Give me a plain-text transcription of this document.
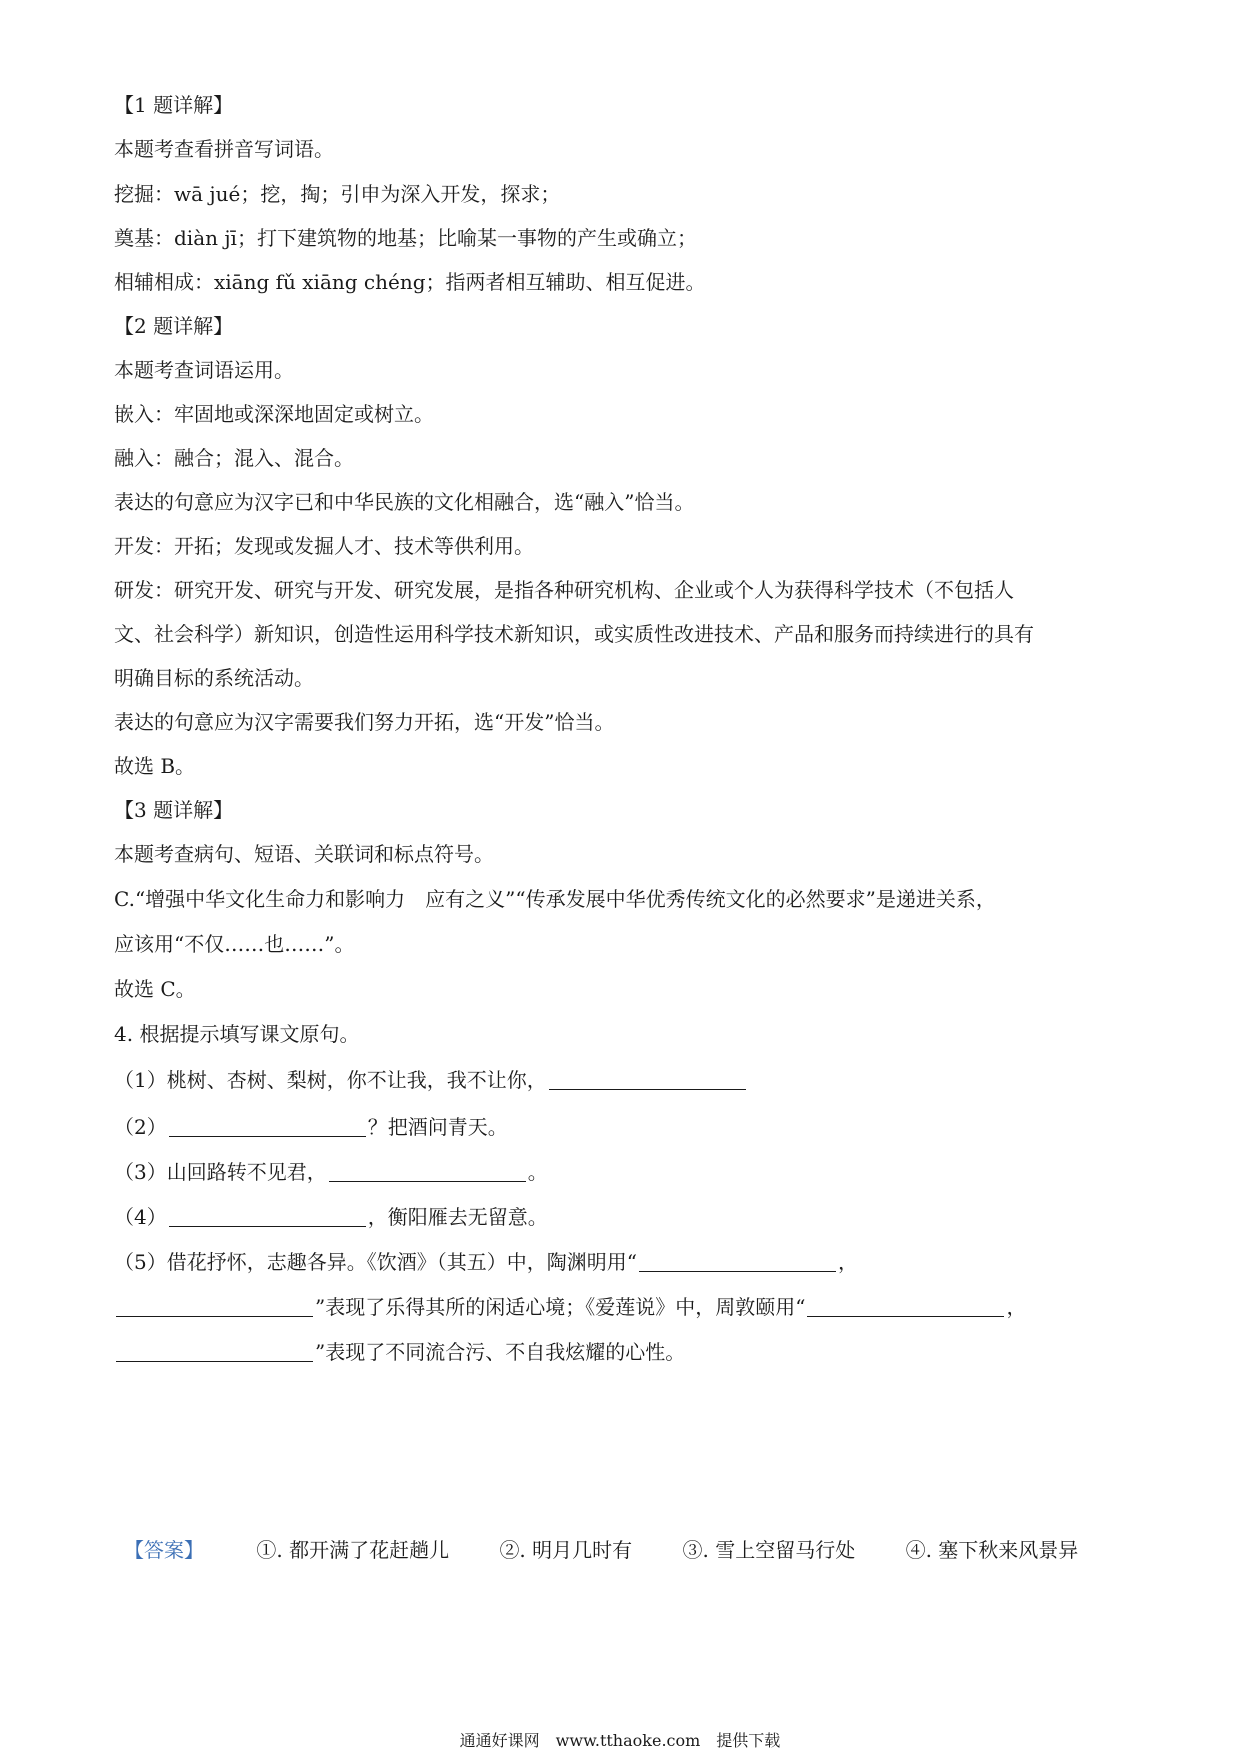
【1 题详解】
本题考查看拼音写词语。
挖掘：wā jué；挖，掏；引申为深入开发，探求；
奠基：diàn jī；打下建筑物的地基；比喻某一事物的产生或确立；
相辅相成：xiāng fǔ xiāng chéng；指两者相互辅助、相互促进。
【2 题详解】
本题考查词语运用。
嵌入：牢固地或深深地固定或树立。
融入：融合；混入、混合。
表达的句意应为汉字已和中华民族的文化相融合，选“融入”恰当。
开发：开拓；发现或发掘人才、技术等供利用。
研发：研究开发、研究与开发、研究发展，是指各种研究机构、企业或个人为获得科学技术（不包括人
文、社会科学）新知识，创造性运用科学技术新知识，或实质性改进技术、产品和服务而持续进行的具有
明确目标的系统活动。
表达的句意应为汉字需要我们努力开拓，选“开发”恰当。
故选 B。
【3 题详解】
本题考查病句、短语、关联词和标点符号。
C.“增强中华文化生命力和影响力　应有之义”“传承发展中华优秀传统文化的必然要求”是递进关系，
应该用“不仅……也……”。
故选 C。
4. 根据提示填写课文原句。
（1）桃树、杏树、梨树，你不让我，我不让你，
（2）	？把酒问青天。
（3）山回路转不见君，	。
（4）	，衡阳雁去无留意。
（5）借花抒怀，志趣各异。《饮酒》（其五）中，陶渊明用“	，
”表现了乐得其所的闲适心境；《爱莲说》中，周敦颐用“	，
”表现了不同流合污、不自我炫耀的心性。
【答案】	①. 都开满了花赶趟儿	②. 明月几时有	③. 雪上空留马行处	④. 塞下秋来风景异
通通好课网　www.tthaoke.com　提供下载
